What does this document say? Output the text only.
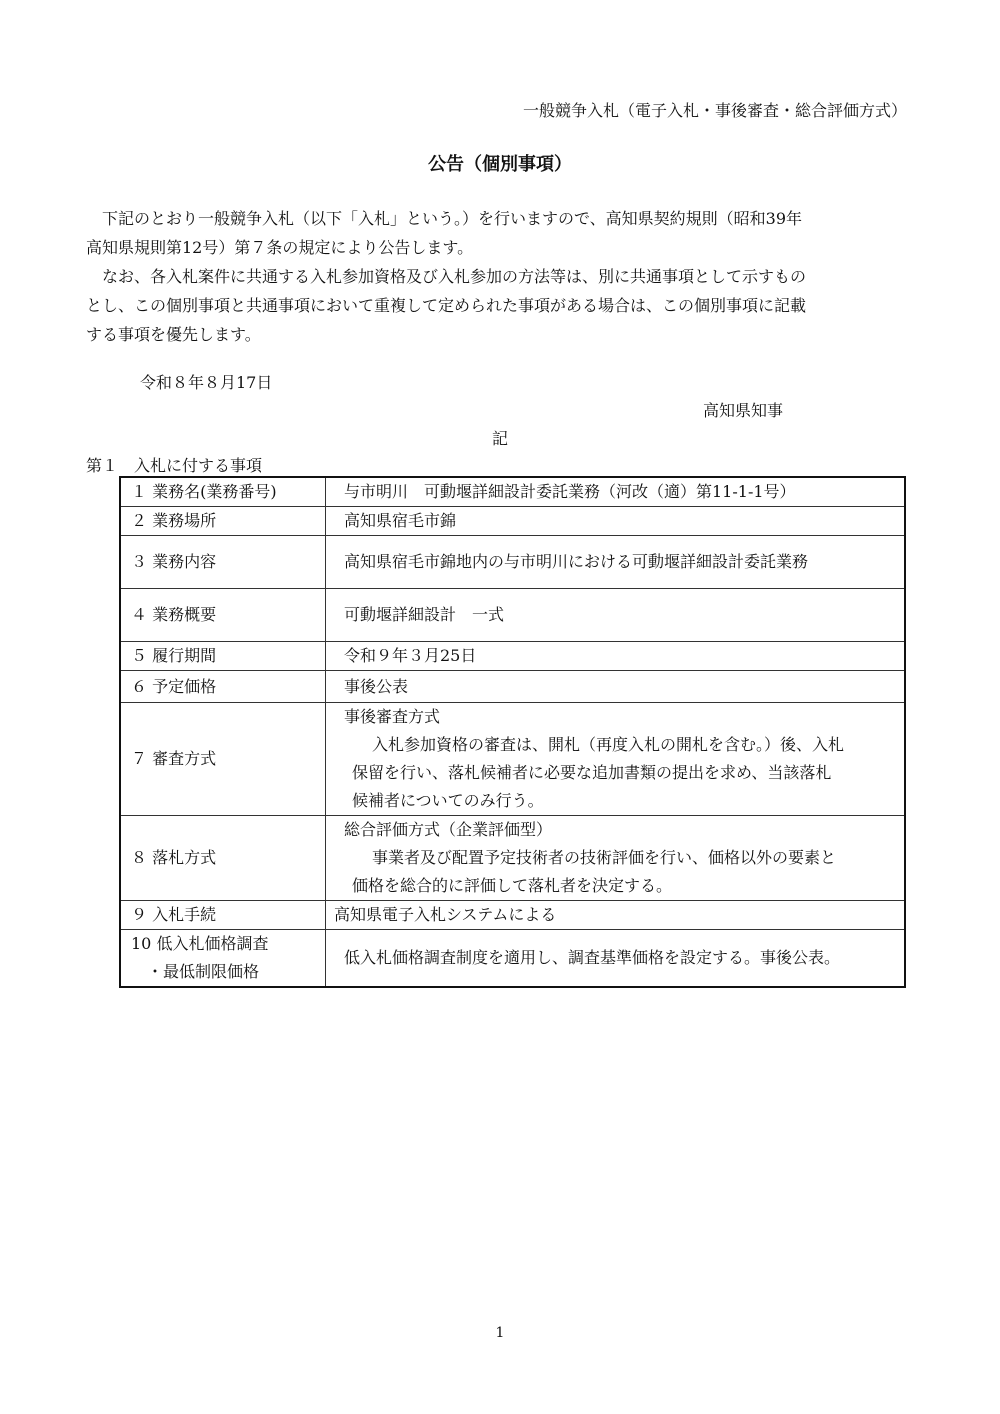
一般競争入札（電子入札・事後審査・総合評価方式）
公告（個別事項）
　下記のとおり一般競争入札（以下「入札」という。）を行いますので、高知県契約規則（昭和39年
高知県規則第12号）第７条の規定により公告します。
　なお、各入札案件に共通する入札参加資格及び入札参加の方法等は、別に共通事項として示すもの
とし、この個別事項と共通事項において重複して定められた事項がある場合は、この個別事項に記載
する事項を優先します。
令和８年８月17日
高知県知事
記
第１　入札に付する事項
１ 業務名(業務番号)	与市明川　可動堰詳細設計委託業務（河改（適）第11-1-1号）
２ 業務場所	高知県宿毛市錦
３ 業務内容	高知県宿毛市錦地内の与市明川における可動堰詳細設計委託業務
４ 業務概要	可動堰詳細設計　一式
５ 履行期間	令和９年３月25日
６ 予定価格	事後公表
７ 審査方式	事後審査方式
入札参加資格の審査は、開札（再度入札の開札を含む。）後、入札
保留を行い、落札候補者に必要な追加書類の提出を求め、当該落札
候補者についてのみ行う。

８ 落札方式	総合評価方式（企業評価型）
事業者及び配置予定技術者の技術評価を行い、価格以外の要素と
価格を総合的に評価して落札者を決定する。

９ 入札手続	高知県電子入札システムによる

10 低入札価格調査
　・最低制限価格	低入札価格調査制度を適用し、調査基準価格を設定する。事後公表。
1
